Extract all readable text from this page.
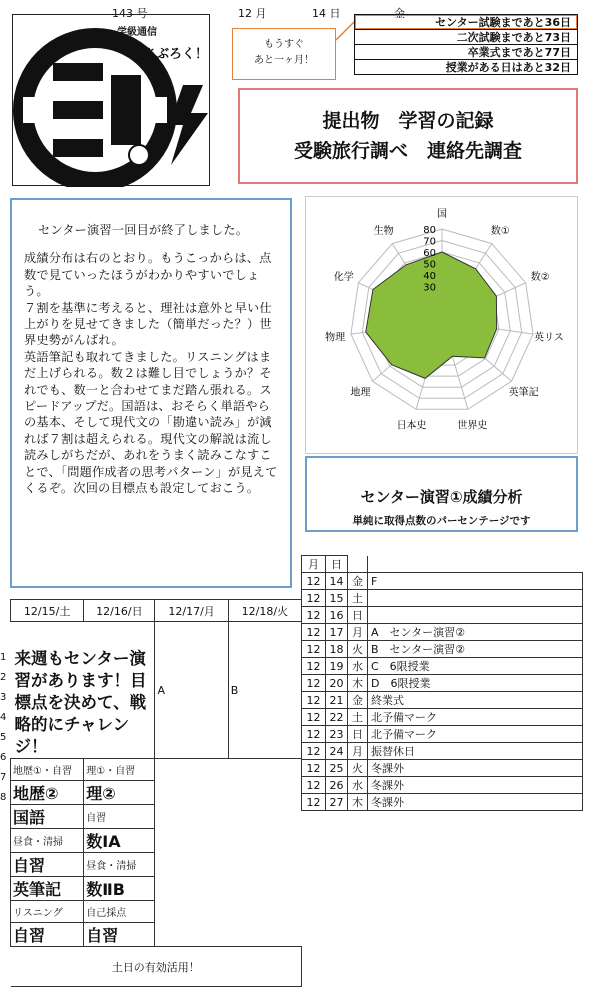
143 号	12 月	14 日	金
学級通信
さぶろく！
もうすぐ
あと一ヶ月！
センター試験まであと36日
二次試験まであと73日
卒業式まであと77日
授業がある日はあと32日
提出物　学習の記録
受験旅行調べ　連絡先調査

センター演習一回目が終了しました。

成績分布は右のとおり。もうこっからは、点数で見ていったほうがわかりやすいでしょう。

７割を基準に考えると、理社は意外と早い仕上がりを見せてきました（簡単だった？）世界史勢がんばれ。

英語筆記も取れてきました。リスニングはまだ上げられる。数２は難し目でしょうか？それでも、数一と合わせてまだ踏ん張れる。スピードアップだ。国語は、おそらく単語やらの基本、そして現代文の「勘違い読み」が減れば７割は超えられる。現代文の解説は流し読みしがちだが、あれをうまく読みこなすことで、「問題作成者の思考パターン」が見えてくるぞ。次回の目標点も設定しておこう。

30
40
50
60
70
80
国
数①
数②
英リス
英筆記
世界史
日本史
地理
物理
化学
生物
センター演習①成績分析
単純に取得点数のパーセンテージです
月	日		
12	14	金	F
12	15	土	
12	16	日	
12	17	月	A　センター演習②
12	18	火	B　センター演習②
12	19	水	C　6限授業
12	20	木	D　6限授業
12	21	金	終業式
12	22	土	北予備マーク
12	23	日	北予備マーク
12	24	月	振替休日
12	25	火	冬課外
12	26	水	冬課外
12	27	木	冬課外
1
2
3
4
5
6
7
8
12/15/土	12/16/日	12/17/月	12/18/火

来週もセンター演習があります！目標点を決めて、戦略的にチャレンジ！		A	B
地歴①・自習	理①・自習		
地歴②	理②		
国語	自習		
昼食・清掃	数IA		
自習	昼食・清掃		
英筆記	数ⅡB		
リスニング	自己採点		
自習	自習		
土日の有効活用！			
